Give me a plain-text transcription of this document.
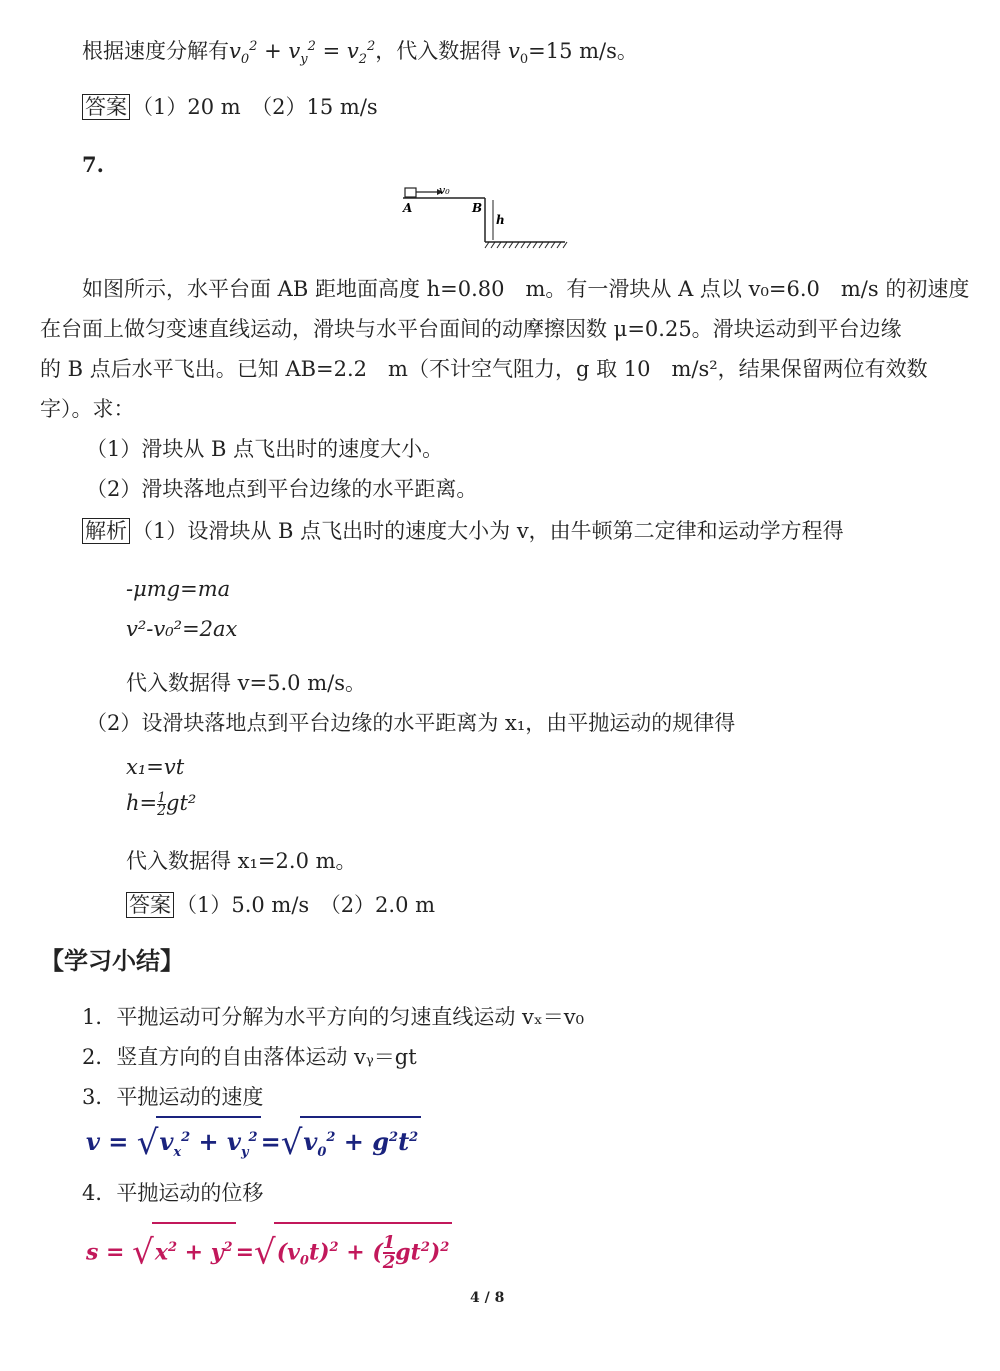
根据速度分解有$v_0^2 + v_y^2 = v_2^2$，代入数据得 $v_0=15$ m/s。
答案 （1）20 m　（2）15 m/s
7.
v₀
A	B
h
如图所示，水平台面 AB 距地面高度 h=0.80　m。有一滑块从 A 点以 v₀=6.0　m/s 的初速度
在台面上做匀变速直线运动，滑块与水平台面间的动摩擦因数 μ=0.25。滑块运动到平台边缘
的 B 点后水平飞出。已知 AB=2.2　m（不计空气阻力，g 取 10　m/s²，结果保留两位有效数
字）。求：
（1）滑块从 B 点飞出时的速度大小。
（2）滑块落地点到平台边缘的水平距离。
解析 （1）设滑块从 B 点飞出时的速度大小为 v，由牛顿第二定律和运动学方程得
-μmg=ma
v²-v₀²=2ax
代入数据得 v=5.0 m/s。
（2）设滑块落地点到平台边缘的水平距离为 x₁，由平抛运动的规律得
x₁=vt
$h= \frac{1}{2} gt^2$
代入数据得 x₁=2.0 m。
答案 （1）5.0 m/s　（2）2.0 m
【学习小结】
1．平抛运动可分解为水平方向的匀速直线运动 vₓ＝v₀
2．竖直方向的自由落体运动 vᵧ＝gt
3．平抛运动的速度
$v = √v_x^2 + v_y^2 =√v_0^2 + g^2t^2$
4．平抛运动的位移
$s = √x^2 + y^2 =√(v_0t)^2$ + ( $\frac{1}{2} gt^2)^2$
4 / 8
